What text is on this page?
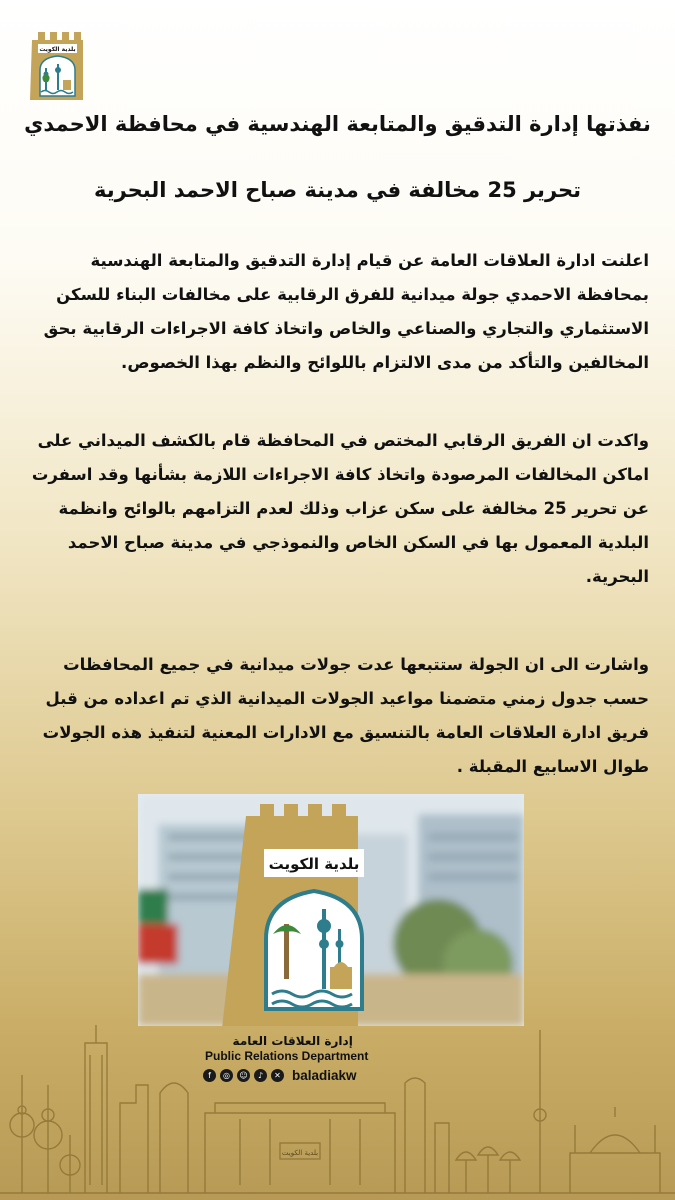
بلدية الكويت
نفذتها إدارة التدقيق والمتابعة الهندسية في محافظة الاحمدي
تحرير 25 مخالفة في مدينة صباح الاحمد البحرية
اعلنت ادارة العلاقات العامة عن قيام إدارة التدقيق والمتابعة الهندسية
بمحافظة الاحمدي جولة ميدانية للفرق الرقابية على مخالفات البناء للسكن
الاستثماري والتجاري والصناعي والخاص واتخاذ كافة الاجراءات الرقابية بحق
المخالفين والتأكد من مدى الالتزام باللوائح والنظم بهذا الخصوص.
واكدت ان الفريق الرقابي المختص في المحافظة قام بالكشف الميداني على
اماكن المخالفات المرصودة واتخاذ كافة الاجراءات اللازمة بشأنها وقد اسفرت
عن تحرير 25 مخالفة على سكن عزاب وذلك لعدم التزامهم بالوائح وانظمة
البلدية المعمول بها في السكن الخاص والنموذجي في مدينة صباح الاحمد
البحرية.
واشارت الى ان الجولة ستتبعها عدت جولات ميدانية في جميع المحافظات
حسب جدول زمني متضمنا مواعيد الجولات الميدانية الذي تم اعداده من قبل
فريق ادارة العلاقات العامة بالتنسيق مع الادارات المعنية لتنفيذ هذه الجولات
طوال الاسابيع المقبلة .
بلدية الكويت
بلدية الكويت
إدارة العلاقات العامة
Public Relations Department
f	◎	☺	♪	✕ baladiakw
